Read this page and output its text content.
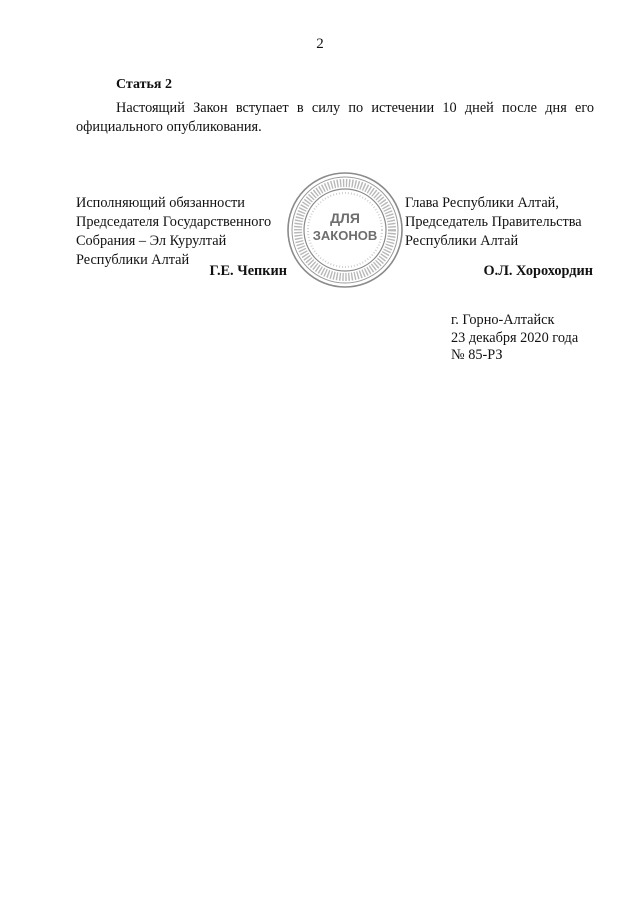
2
Статья 2
Настоящий Закон вступает в силу по истечении 10 дней после дня его
официального опубликования.
Исполняющий обязанности
Председателя Государственного
Собрания – Эл Курултай
Республики Алтай
Глава Республики Алтай,
Председатель Правительства
Республики Алтай
Г.Е. Чепкин	О.Л. Хорохордин
ДЛЯ
ЗАКОНОВ
г. Горно-Алтайск
23 декабря 2020 года
№ 85-РЗ
